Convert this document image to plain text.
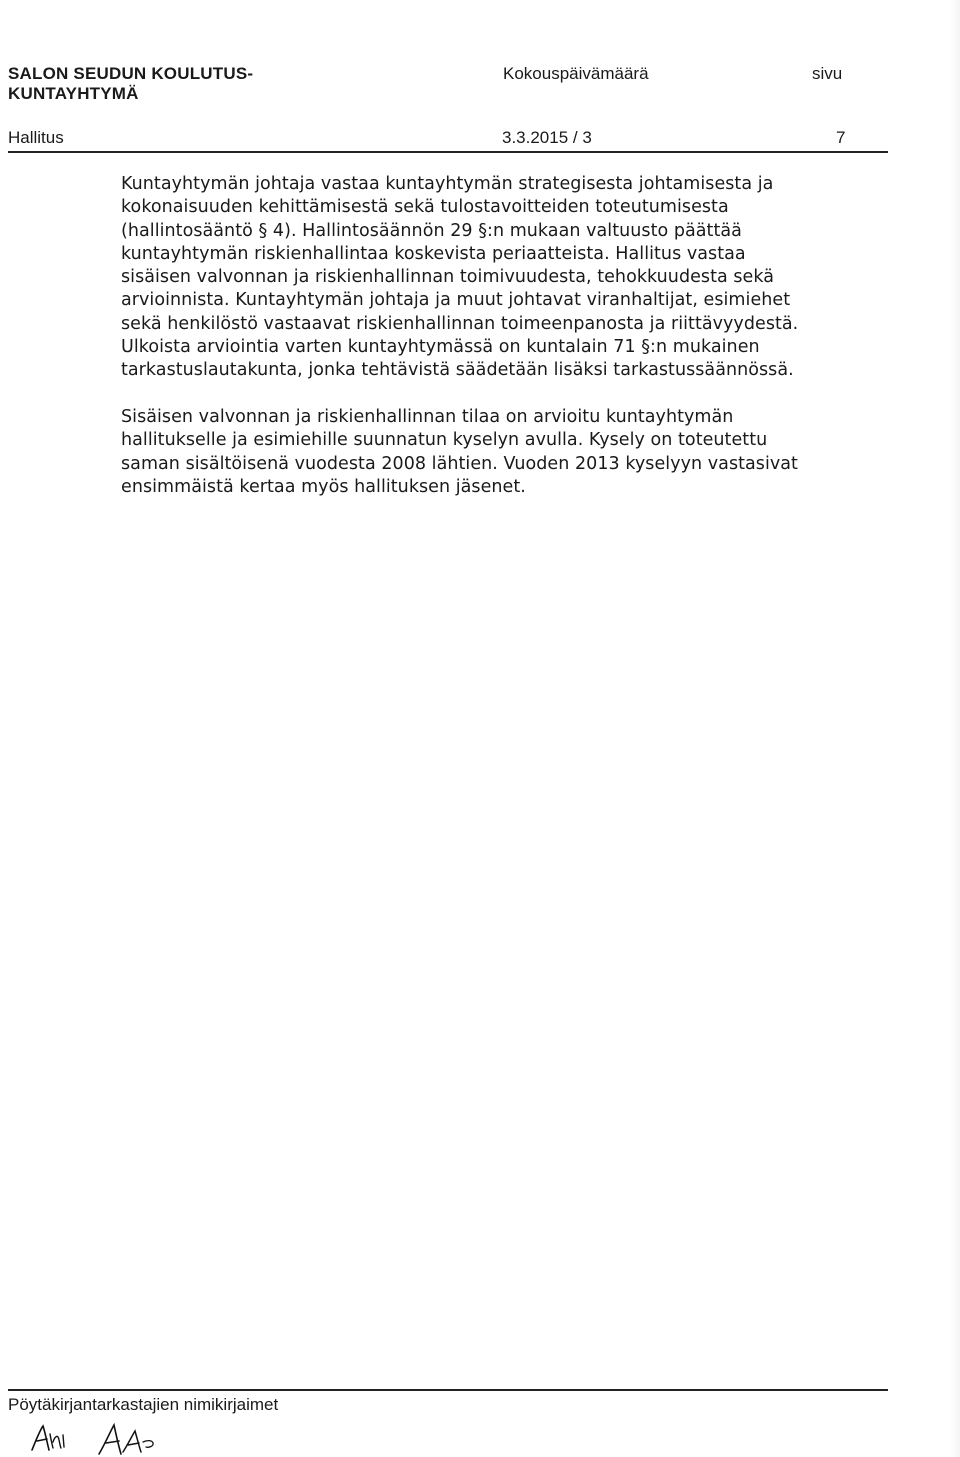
SALON SEUDUN KOULUTUS-
KUNTAYHTYMÄ
Kokouspäivämäärä	sivu
Hallitus	3.3.2015 / 3	7
Kuntayhtymän johtaja vastaa kuntayhtymän strategisesta johtamisesta ja
kokonaisuuden kehittämisestä sekä tulostavoitteiden toteutumisesta
(hallintosääntö § 4). Hallintosäännön 29 §:n mukaan valtuusto päättää
kuntayhtymän riskienhallintaa koskevista periaatteista. Hallitus vastaa
sisäisen valvonnan ja riskienhallinnan toimivuudesta, tehokkuudesta sekä
arvioinnista. Kuntayhtymän johtaja ja muut johtavat viranhaltijat, esimiehet
sekä henkilöstö vastaavat riskienhallinnan toimeenpanosta ja riittävyydestä.
Ulkoista arviointia varten kuntayhtymässä on kuntalain 71 §:n mukainen
tarkastuslautakunta, jonka tehtävistä säädetään lisäksi tarkastussäännössä.
Sisäisen valvonnan ja riskienhallinnan tilaa on arvioitu kuntayhtymän
hallitukselle ja esimiehille suunnatun kyselyn avulla. Kysely on toteutettu
saman sisältöisenä vuodesta 2008 lähtien. Vuoden 2013 kyselyyn vastasivat
ensimmäistä kertaa myös hallituksen jäsenet.
Pöytäkirjantarkastajien nimikirjaimet
